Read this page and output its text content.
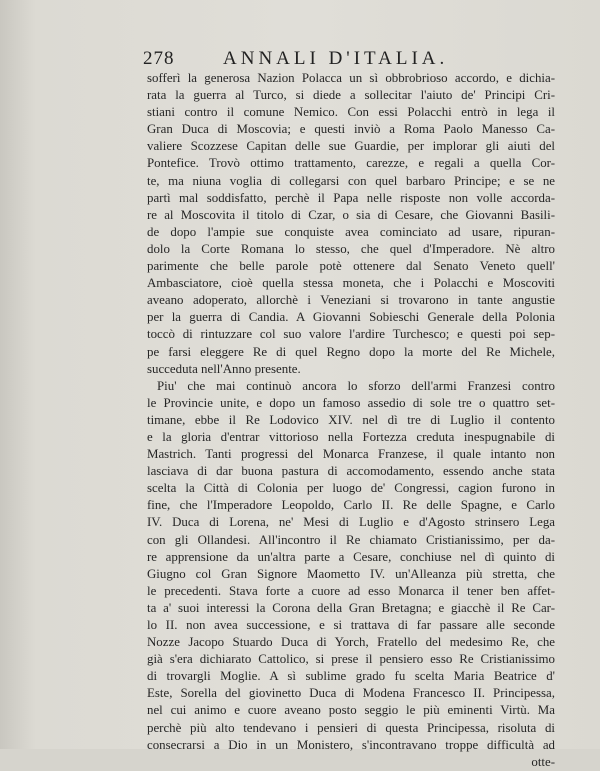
278	ANNALI D'ITALIA.
sofferì la generosa Nazion Polacca un sì obbrobrioso accordo, e dichia-
rata la guerra al Turco, si diede a sollecitar l'aiuto de' Principi Cri-
stiani contro il comune Nemico. Con essi Polacchi entrò in lega il
Gran Duca di Moscovia; e questi inviò a Roma Paolo Manesso Ca-
valiere Scozzese Capitan delle sue Guardie, per implorar gli aiuti del
Pontefice. Trovò ottimo trattamento, carezze, e regali a quella Cor-
te, ma niuna voglia di collegarsi con quel barbaro Principe; e se ne
partì mal soddisfatto, perchè il Papa nelle risposte non volle accorda-
re al Moscovita il titolo di Czar, o sia di Cesare, che Giovanni Basili-
de dopo l'ampie sue conquiste avea cominciato ad usare, ripuran-
dolo la Corte Romana lo stesso, che quel d'Imperadore. Nè altro
parimente che belle parole potè ottenere dal Senato Veneto quell'
Ambasciatore, cioè quella stessa moneta, che i Polacchi e Moscoviti
aveano adoperato, allorchè i Veneziani si trovarono in tante angustie
per la guerra di Candia. A Giovanni Sobieschi Generale della Polonia
toccò di rintuzzare col suo valore l'ardire Turchesco; e questi poi sep-
pe farsi eleggere Re di quel Regno dopo la morte del Re Michele,
succeduta nell'Anno presente.
Piu' che mai continuò ancora lo sforzo dell'armi Franzesi contro
le Provincie unite, e dopo un famoso assedio di sole tre o quattro set-
timane, ebbe il Re Lodovico XIV. nel dì tre di Luglio il contento
e la gloria d'entrar vittorioso nella Fortezza creduta inespugnabile di
Mastrich. Tanti progressi del Monarca Franzese, il quale intanto non
lasciava di dar buona pastura di accomodamento, essendo anche stata
scelta la Città di Colonia per luogo de' Congressi, cagion furono in
fine, che l'Imperadore Leopoldo, Carlo II. Re delle Spagne, e Carlo
IV. Duca di Lorena, ne' Mesi di Luglio e d'Agosto strinsero Lega
con gli Ollandesi. All'incontro il Re chiamato Cristianissimo, per da-
re apprensione da un'altra parte a Cesare, conchiuse nel dì quinto di
Giugno col Gran Signore Maometto IV. un'Alleanza più stretta, che
le precedenti. Stava forte a cuore ad esso Monarca il tener ben affet-
ta a' suoi interessi la Corona della Gran Bretagna; e giacchè il Re Car-
lo II. non avea successione, e si trattava di far passare alle seconde
Nozze Jacopo Stuardo Duca di Yorch, Fratello del medesimo Re, che
già s'era dichiarato Cattolico, si prese il pensiero esso Re Cristianissimo
di trovargli Moglie. A sì sublime grado fu scelta Maria Beatrice d'
Este, Sorella del giovinetto Duca di Modena Francesco II. Principessa,
nel cui animo e cuore aveano posto seggio le più eminenti Virtù. Ma
perchè più alto tendevano i pensieri di questa Principessa, risoluta di
consecrarsi a Dio in un Monistero, s'incontravano troppe difficultà ad
otte-
